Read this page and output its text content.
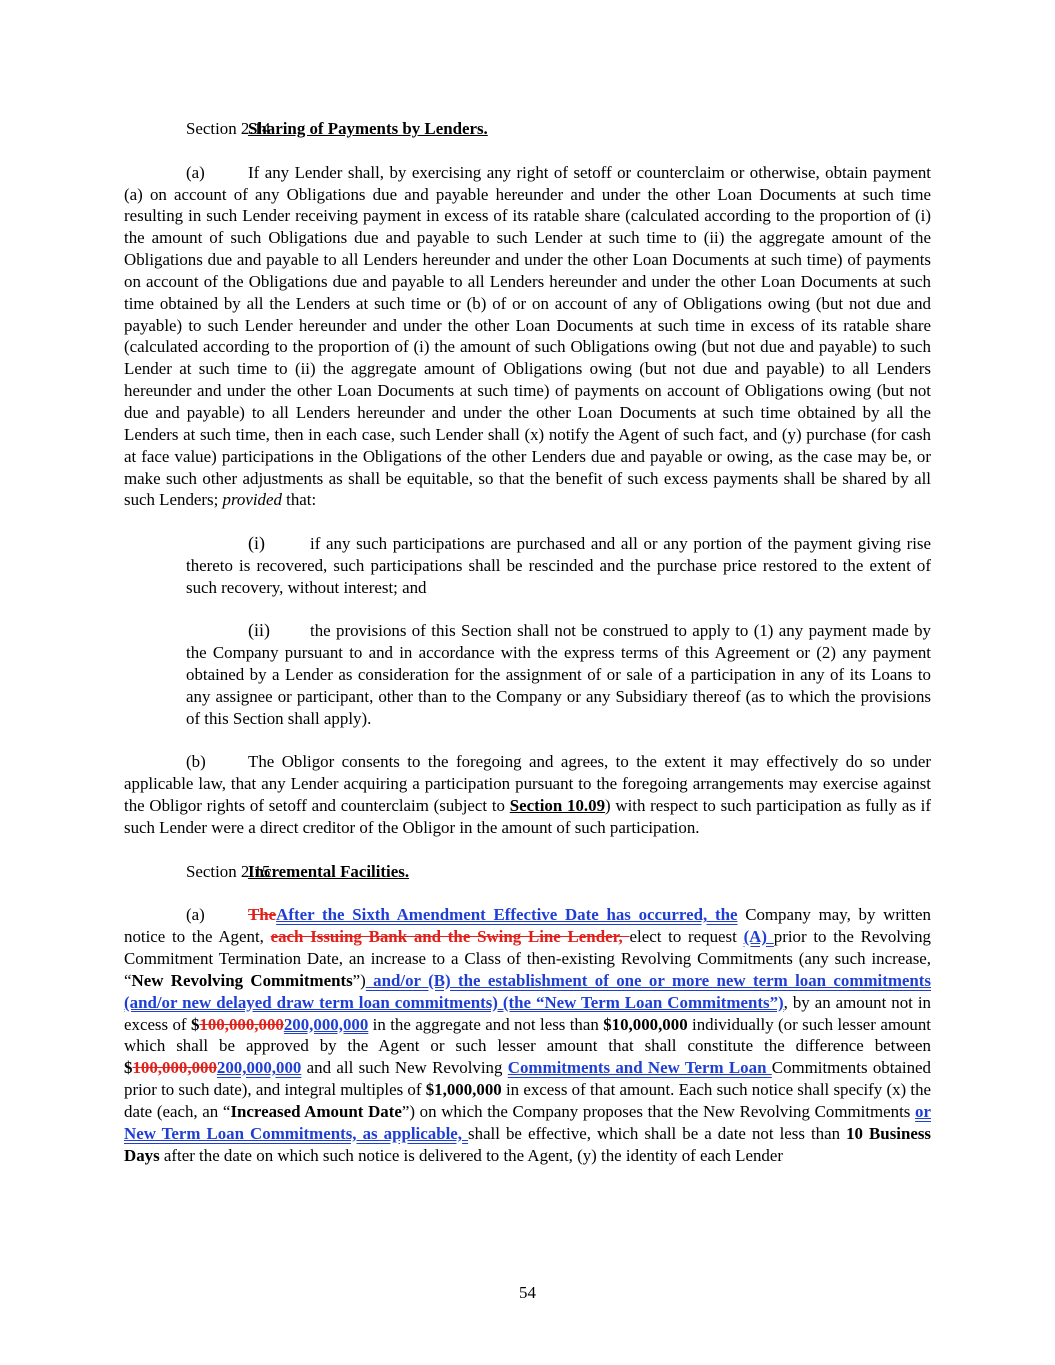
Section 2.14Sharing of Payments by Lenders.

(a)	If any Lender shall, by exercising any right of setoff or counterclaim or otherwise, obtain payment (a) on account of any Obligations due and payable hereunder and under the other Loan Documents at such time resulting in such Lender receiving payment in excess of its ratable share (calculated according to the proportion of (i) the amount of such Obligations due and payable to such Lender at such time to (ii) the aggregate amount of the Obligations due and payable to all Lenders hereunder and under the other Loan Documents at such time) of payments on account of the Obligations due and payable to all Lenders hereunder and under the other Loan Documents at such time obtained by all the Lenders at such time or (b) of or on account of any of Obligations owing (but not due and payable) to such Lender hereunder and under the other Loan Documents at such time in excess of its ratable share (calculated according to the proportion of (i) the amount of such Obligations owing (but not due and payable) to such Lender at such time to (ii) the aggregate amount of Obligations owing (but not due and payable) to all Lenders hereunder and under the other Loan Documents at such time) of payments on account of Obligations owing (but not due and payable) to all Lenders hereunder and under the other Loan Documents at such time obtained by all the Lenders at such time, then in each case, such Lender shall (x) notify the Agent of such fact, and (y) purchase (for cash at face value) participations in the Obligations of the other Lenders due and payable or owing, as the case may be, or make such other adjustments as shall be equitable, so that the benefit of such excess payments shall be shared by all such Lenders; provided that:

(i)	if any such participations are purchased and all or any portion of the payment giving rise thereto is recovered, such participations shall be rescinded and the purchase price restored to the extent of such recovery, without interest; and

(ii) the provisions of this Section shall not be construed to apply to (1) any payment made by the Company pursuant to and in accordance with the express terms of this Agreement or (2) any payment obtained by a Lender as consideration for the assignment of or sale of a participation in any of its Loans to any assignee or participant, other than to the Company or any Subsidiary thereof (as to which the provisions of this Section shall apply).

(b)	The Obligor consents to the foregoing and agrees, to the extent it may effectively do so under applicable law, that any Lender acquiring a participation pursuant to the foregoing arrangements may exercise against the Obligor rights of setoff and counterclaim (subject to Section 10.09) with respect to such participation as fully as if such Lender were a direct creditor of the Obligor in the amount of such participation.

Section 2.15Incremental Facilities.

(a)	TheAfter the Sixth Amendment Effective Date has occurred, the Company may, by written notice to the Agent, each Issuing Bank and the Swing Line Lender, elect to request (A) prior to the Revolving Commitment Termination Date, an increase to a Class of then-existing Revolving Commitments (any such increase, “New Revolving Commitments”) and/or (B) the establishment of one or more new term loan commitments (and/or new delayed draw term loan commitments) (the “New Term Loan Commitments”), by an amount not in excess of $100,000,000200,000,000 in the aggregate and not less than $10,000,000 individually (or such lesser amount which shall be approved by the Agent or such lesser amount that shall constitute the difference between $100,000,000200,000,000 and all such New Revolving Commitments and New Term Loan Commitments obtained prior to such date), and integral multiples of $1,000,000 in excess of that amount. Each such notice shall specify (x) the date (each, an “Increased Amount Date”) on which the Company proposes that the New Revolving Commitments or New Term Loan Commitments, as applicable, shall be effective, which shall be a date not less than 10 Business Days after the date on which such notice is delivered to the Agent, (y) the identity of each Lender

54
